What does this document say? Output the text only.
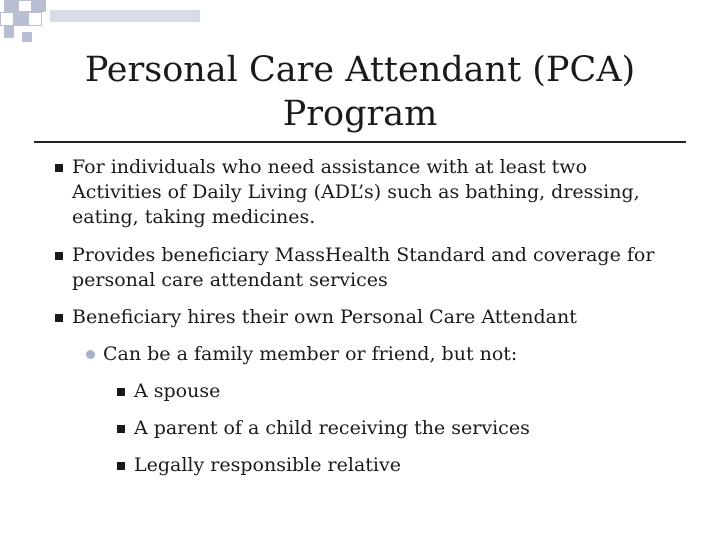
Personal Care Attendant (PCA)
Program
For individuals who need assistance with at least two Activities of Daily Living (ADL’s) such as bathing, dressing, eating, taking medicines.
Provides beneficiary MassHealth Standard and coverage for personal care attendant services
Beneficiary hires their own Personal Care Attendant
Can be a family member or friend, but not:
A spouse
A parent of a child receiving the services
Legally responsible relative
